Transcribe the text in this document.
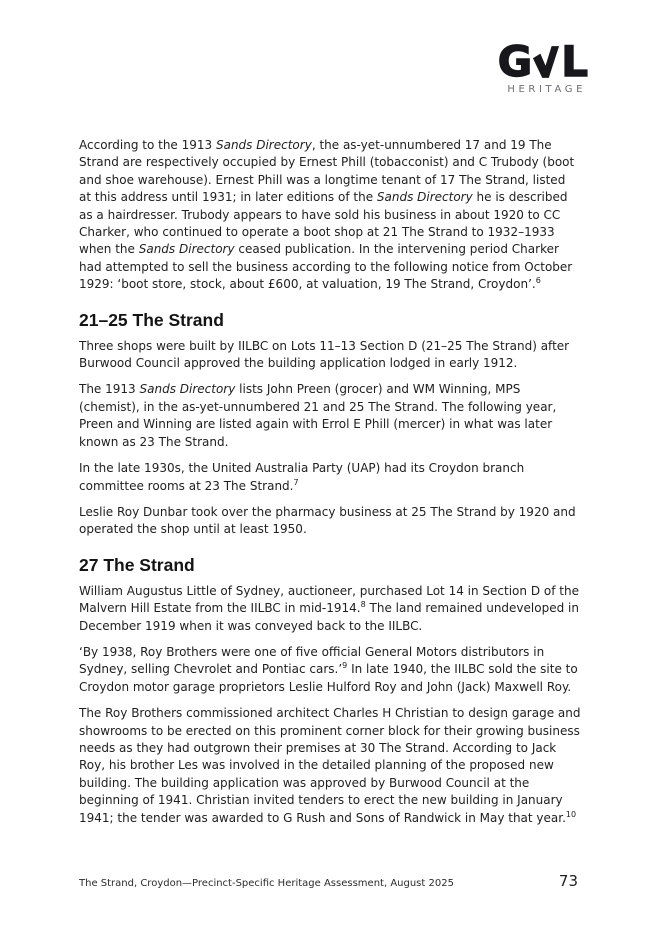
G L
HERITAGE

According to the 1913 Sands Directory, the as-yet-unnumbered 17 and 19 The Strand are respectively occupied by Ernest Phill (tobacconist) and C Trubody (boot and shoe warehouse). Ernest Phill was a longtime tenant of 17 The Strand, listed at this address until 1931; in later editions of the Sands Directory he is described as a hairdresser. Trubody appears to have sold his business in about 1920 to CC Charker, who continued to operate a boot shop at 21 The Strand to 1932–1933 when the Sands Directory ceased publication. In the intervening period Charker had attempted to sell the business according to the following notice from October 1929: ‘boot store, stock, about £600, at valuation, 19 The Strand, Croydon’.$^6$

21–25 The Strand

Three shops were built by IILBC on Lots 11–13 Section D (21–25 The Strand) after Burwood Council approved the building application lodged in early 1912.

The 1913 Sands Directory lists John Preen (grocer) and WM Winning, MPS (chemist), in the as-yet-unnumbered 21 and 25 The Strand. The following year, Preen and Winning are listed again with Errol E Phill (mercer) in what was later known as 23 The Strand.

In the late 1930s, the United Australia Party (UAP) had its Croydon branch committee rooms at 23 The Strand.$^7$

Leslie Roy Dunbar took over the pharmacy business at 25 The Strand by 1920 and operated the shop until at least 1950.

27 The Strand

William Augustus Little of Sydney, auctioneer, purchased Lot 14 in Section D of the Malvern Hill Estate from the IILBC in mid-1914.$^8$ The land remained undeveloped in December 1919 when it was conveyed back to the IILBC.

‘By 1938, Roy Brothers were one of five official General Motors distributors in Sydney, selling Chevrolet and Pontiac cars.’$^9$ In late 1940, the IILBC sold the site to Croydon motor garage proprietors Leslie Hulford Roy and John (Jack) Maxwell Roy.

The Roy Brothers commissioned architect Charles H Christian to design garage and showrooms to be erected on this prominent corner block for their growing business needs as they had outgrown their premises at 30 The Strand. According to Jack Roy, his brother Les was involved in the detailed planning of the proposed new building. The building application was approved by Burwood Council at the beginning of 1941. Christian invited tenders to erect the new building in January 1941; the tender was awarded to G Rush and Sons of Randwick in May that year.$^{10}$

The Strand, Croydon—Precinct-Specific Heritage Assessment, August 2025	73
